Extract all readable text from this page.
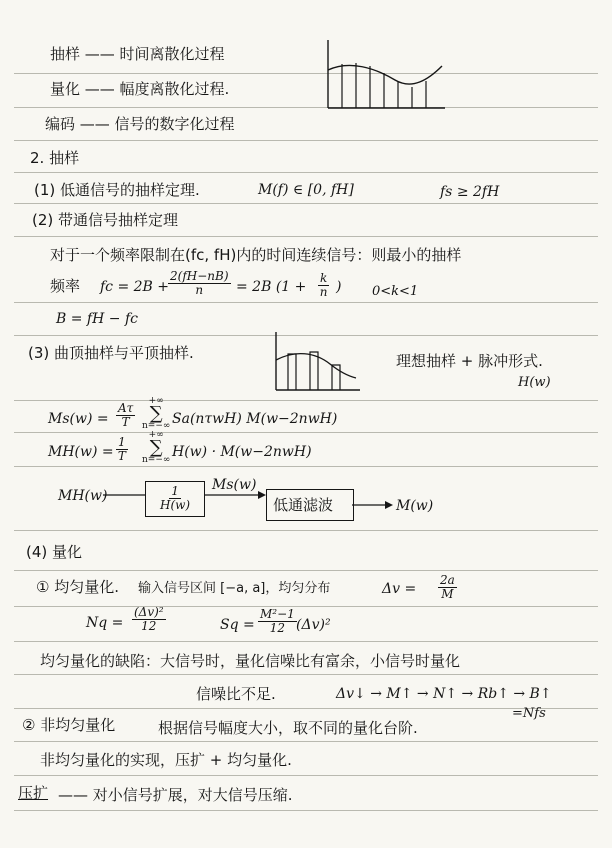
抽样 —— 时间离散化过程
量化 —— 幅度离散化过程.
编码 —— 信号的数字化过程
2. 抽样
(1) 低通信号的抽样定理.	M(f) ∈ [0, fH]	fs ≥ 2fH
(2) 带通信号抽样定理
对于一个频率限制在(fc, fH)内的时间连续信号：则最小的抽样
频率 fc = 2B +
$\frac{2(fH-nB)}{n} = 2B$ ($1 + \frac{k}{n}$ ) 0<k<1
B = fH − fc
(3) 曲顶抽样与平顶抽样.	理想抽样 + 脉冲形式.
H(w)
$Ms(w) = \frac{A\tau}{T}$
+∞
∑
n=−∞ Sa(nτwH) M(w−2nwH)
$MH(w) = \frac{1}{T}$
+∞
∑
n=−∞ H(w) · M(w−2nwH)
MH(w)	$\frac{1}{H(w)} Ms(w)$
低通滤波	M(w)
(4) 量化
① 均匀量化. 输入信号区间 [−a, a]，均匀分布	$\Delta v = \frac{2a}{M}$
$Nq = \frac{\text{(Δv)²}}{12}$	$Sq = \frac{\text{M²−1}}{12} (\Delta v)^2$
均匀量化的缺陷：大信号时，量化信噪比有富余，小信号时量化
信噪比不足.	Δv↓ → M↑ → N↑ → Rb↑ → B↑
=Nfs
② 非均匀量化	根据信号幅度大小，取不同的量化台阶.
非均匀量化的实现，压扩 + 均匀量化.
压扩 —— 对小信号扩展，对大信号压缩.
